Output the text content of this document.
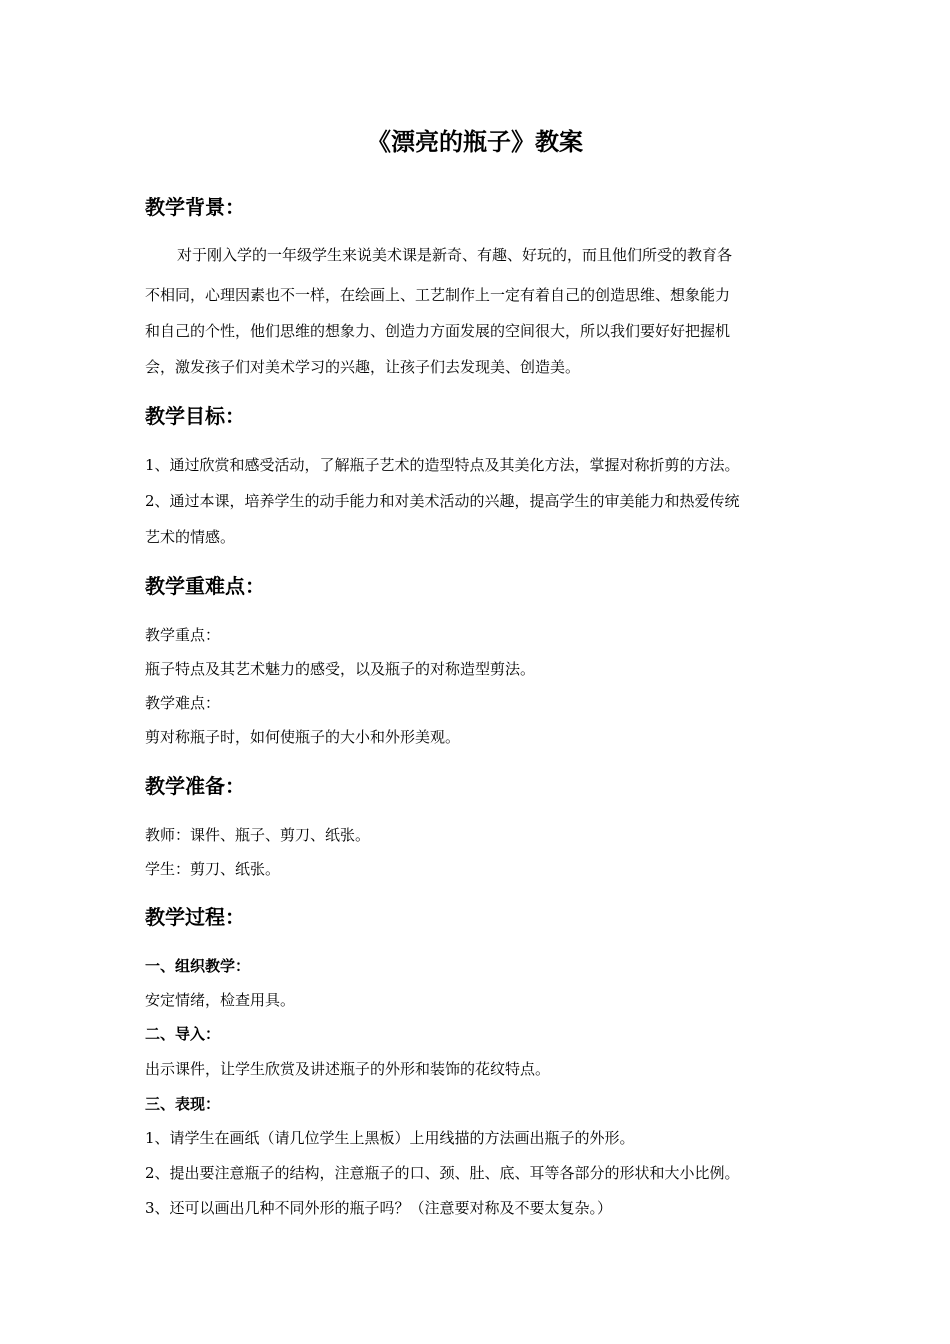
《漂亮的瓶子》教案
教学背景：

对于刚入学的一年级学生来说美术课是新奇、有趣、好玩的，而且他们所受的教育各

不相同，心理因素也不一样，在绘画上、工艺制作上一定有着自己的创造思维、想象能力

和自己的个性，他们思维的想象力、创造力方面发展的空间很大，所以我们要好好把握机

会，激发孩子们对美术学习的兴趣，让孩子们去发现美、创造美。

教学目标：

1、通过欣赏和感受活动，了解瓶子艺术的造型特点及其美化方法，掌握对称折剪的方法。

2、通过本课，培养学生的动手能力和对美术活动的兴趣，提高学生的审美能力和热爱传统

艺术的情感。

教学重难点：

教学重点：

瓶子特点及其艺术魅力的感受，以及瓶子的对称造型剪法。

教学难点：

剪对称瓶子时，如何使瓶子的大小和外形美观。

教学准备：

教师：课件、瓶子、剪刀、纸张。

学生：剪刀、纸张。

教学过程：
一、组织教学：

安定情绪，检查用具。

二、导入：

出示课件，让学生欣赏及讲述瓶子的外形和装饰的花纹特点。

三、表现：

1、请学生在画纸（请几位学生上黑板）上用线描的方法画出瓶子的外形。

2、提出要注意瓶子的结构，注意瓶子的口、颈、肚、底、耳等各部分的形状和大小比例。

3、还可以画出几种不同外形的瓶子吗？（注意要对称及不要太复杂。）
